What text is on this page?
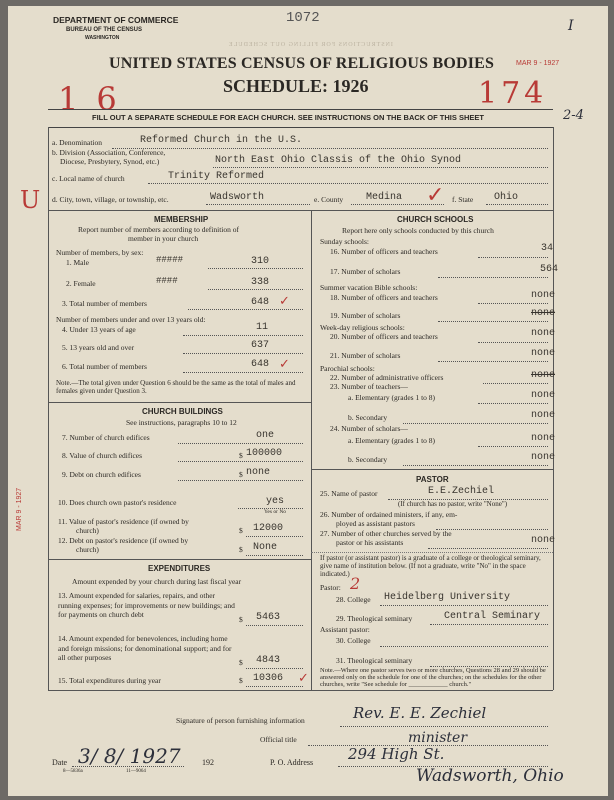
DEPARTMENT OF COMMERCE
BUREAU OF THE CENSUS
WASHINGTON
1072	I
INSTRUCTIONS FOR FILLING OUT SCHEDULE
UNITED STATES CENSUS OF RELIGIOUS BODIES
SCHEDULE: 1926
MAR 9 - 1927
16	174
2-4
FILL OUT A SEPARATE SCHEDULE FOR EACH CHURCH. SEE INSTRUCTIONS ON THE BACK OF THIS SHEET
a. Denomination	Reformed Church in the U.S.
b. Division (Association, Conference,
Diocese, Presbytery, Synod, etc.)	North East Ohio Classis of the Ohio Synod
c. Local name of church	Trinity Reformed
U d. City, town, village, or township, etc.	Wadsworth	e. County Medina ✓ f. State Ohio
MEMBERSHIP
Report number of members according to definition of
member in your church
Number of members, by sex:
1. Male	#####	310
2. Female	####	338
3. Total number of members	648 ✓
Number of members under and over 13 years old:
4. Under 13 years of age	11
5. 13 years old and over	637
6. Total number of members	648 ✓
Note.—The total given under Question 6 should be the same as the total of males and females given under Question 3.
CHURCH BUILDINGS
See instructions, paragraphs 10 to 12
7. Number of church edifices	one
8. Value of church edifices	$ 100000
9. Debt on church edifices	$ none
MAR 9 - 1927	10. Does church own pastor's residence	yes
Yes or No
11. Value of pastor's residence (if owned by
church)	$ 12000
12. Debt on pastor's residence (if owned by
church)	$ None
EXPENDITURES
Amount expended by your church during last fiscal year
13. Amount expended for salaries, repairs, and other running expenses; for improvements or new buildings; and for payments on church debt
$ 5463
14. Amount expended for benevolences, including home and foreign missions; for denominational support; and for all other purposes
$ 4843
15. Total expenditures during year	$ 10306 ✓
CHURCH SCHOOLS
Report here only schools conducted by this church
Sunday schools:
16. Number of officers and teachers	34
17. Number of scholars	564
Summer vacation Bible schools:
18. Number of officers and teachers	none
19. Number of scholars	none
Week-day religious schools:
20. Number of officers and teachers	none
21. Number of scholars	none
Parochial schools:
22. Number of administrative officers	none
23. Number of teachers—
a. Elementary (grades 1 to 8)	none
b. Secondary	none
24. Number of scholars—
a. Elementary (grades 1 to 8)	none
b. Secondary	none
PASTOR
25. Name of pastor	E.E.Zechiel
(If church has no pastor, write "None")
26. Number of ordained ministers, if any, em-
ployed as assistant pastors
27. Number of other churches served by the
pastor or his assistants	none
If pastor (or assistant pastor) is a graduate of a college or theological seminary, give name of institution below. (If not a graduate, write "No" in the space indicated.)
Pastor: 2
28. College Heidelberg University
29. Theological seminary	Central Seminary
Assistant pastor:
30. College
31. Theological seminary
Note.—Where one pastor serves two or more churches, Questions 28 and 29 should be answered only on the schedule for one of the churches; on the schedules for the other churches, write "See schedule for ____________ church."
Signature of person furnishing information	Rev. E. E. Zechiel
Official title	minister
Date 3/ 8/ 1927	192
8—5836a	11—9064
P. O. Address 294 High St.
Wadsworth, Ohio
